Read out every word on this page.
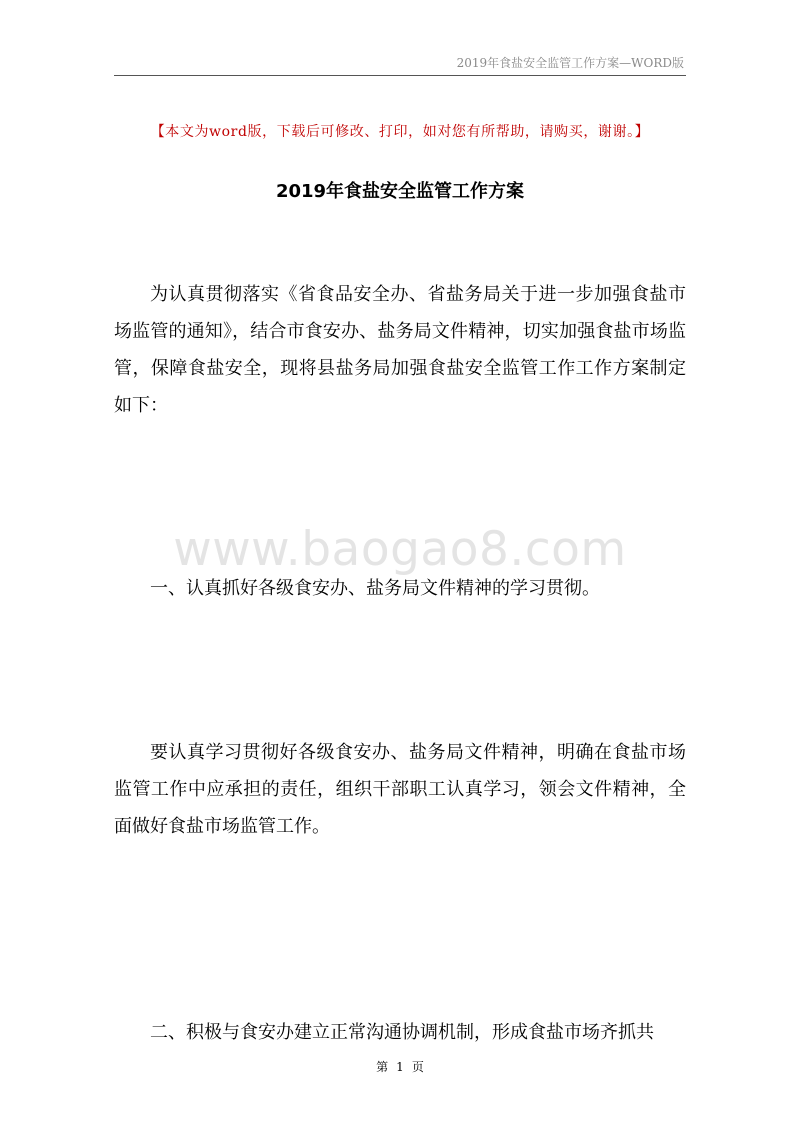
2019年食盐安全监管工作方案—WORD版
【本文为word版，下载后可修改、打印，如对您有所帮助，请购买，谢谢。】
2019年食盐安全监管工作方案

为认真贯彻落实《省食品安全办、省盐务局关于进一步加强食盐市场监管的通知》，结合市食安办、盐务局文件精神，切实加强食盐市场监管，保障食盐安全，现将县盐务局加强食盐安全监管工作工作方案制定如下：

www.baogao8.com

一、认真抓好各级食安办、盐务局文件精神的学习贯彻。

要认真学习贯彻好各级食安办、盐务局文件精神，明确在食盐市场监管工作中应承担的责任，组织干部职工认真学习，领会文件精神，全面做好食盐市场监管工作。

二、积极与食安办建立正常沟通协调机制，形成食盐市场齐抓共

第 1 页
